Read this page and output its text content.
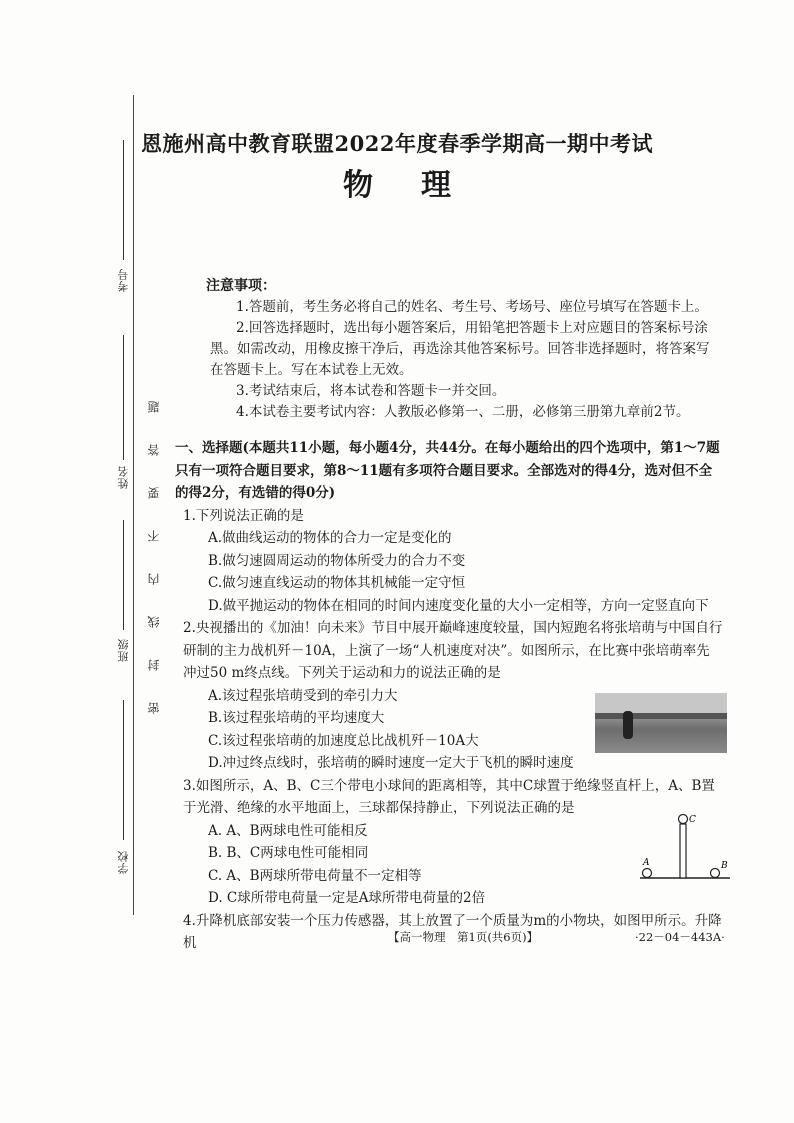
考号
姓名
班级
学校
密封线内不要答题
恩施州高中教育联盟2022年度春季学期高一期中考试
物理

注意事项：

1.答题前，考生务必将自己的姓名、考生号、考场号、座位号填写在答题卡上。

2.回答选择题时，选出每小题答案后，用铅笔把答题卡上对应题目的答案标号涂黑。如需改动，用橡皮擦干净后，再选涂其他答案标号。回答非选择题时，将答案写在答题卡上。写在本试卷上无效。

3.考试结束后，将本试卷和答题卡一并交回。

4.本试卷主要考试内容：人教版必修第一、二册，必修第三册第九章前2节。

一、选择题(本题共11小题，每小题4分，共44分。在每小题给出的四个选项中，第1～7题只有一项符合题目要求，第8～11题有多项符合题目要求。全部选对的得4分，选对但不全的得2分，有选错的得0分)

1.下列说法正确的是

A.做曲线运动的物体的合力一定是变化的

B.做匀速圆周运动的物体所受力的合力不变

C.做匀速直线运动的物体其机械能一定守恒

D.做平抛运动的物体在相同的时间内速度变化量的大小一定相等，方向一定竖直向下

2.央视播出的《加油！向未来》节目中展开巅峰速度较量，国内短跑名将张培萌与中国自行研制的主力战机歼－10A，上演了一场“人机速度对决”。如图所示，在比赛中张培萌率先冲过50 m终点线。下列关于运动和力的说法正确的是

A.该过程张培萌受到的牵引力大

B.该过程张培萌的平均速度大

C.该过程张培萌的加速度总比战机歼－10A大

D.冲过终点线时，张培萌的瞬时速度一定大于飞机的瞬时速度

3.如图所示，A、B、C三个带电小球间的距离相等，其中C球置于绝缘竖直杆上，A、B置于光滑、绝缘的水平地面上，三球都保持静止，下列说法正确的是

A. A、B两球电性可能相反

B. B、C两球电性可能相同

C. A、B两球所带电荷量不一定相等

D. C球所带电荷量一定是A球所带电荷量的2倍

4.升降机底部安装一个压力传感器，其上放置了一个质量为m的小物块，如图甲所示。升降机

A	B
C
【高一物理　第1页(共6页)】	·22－04－443A·
